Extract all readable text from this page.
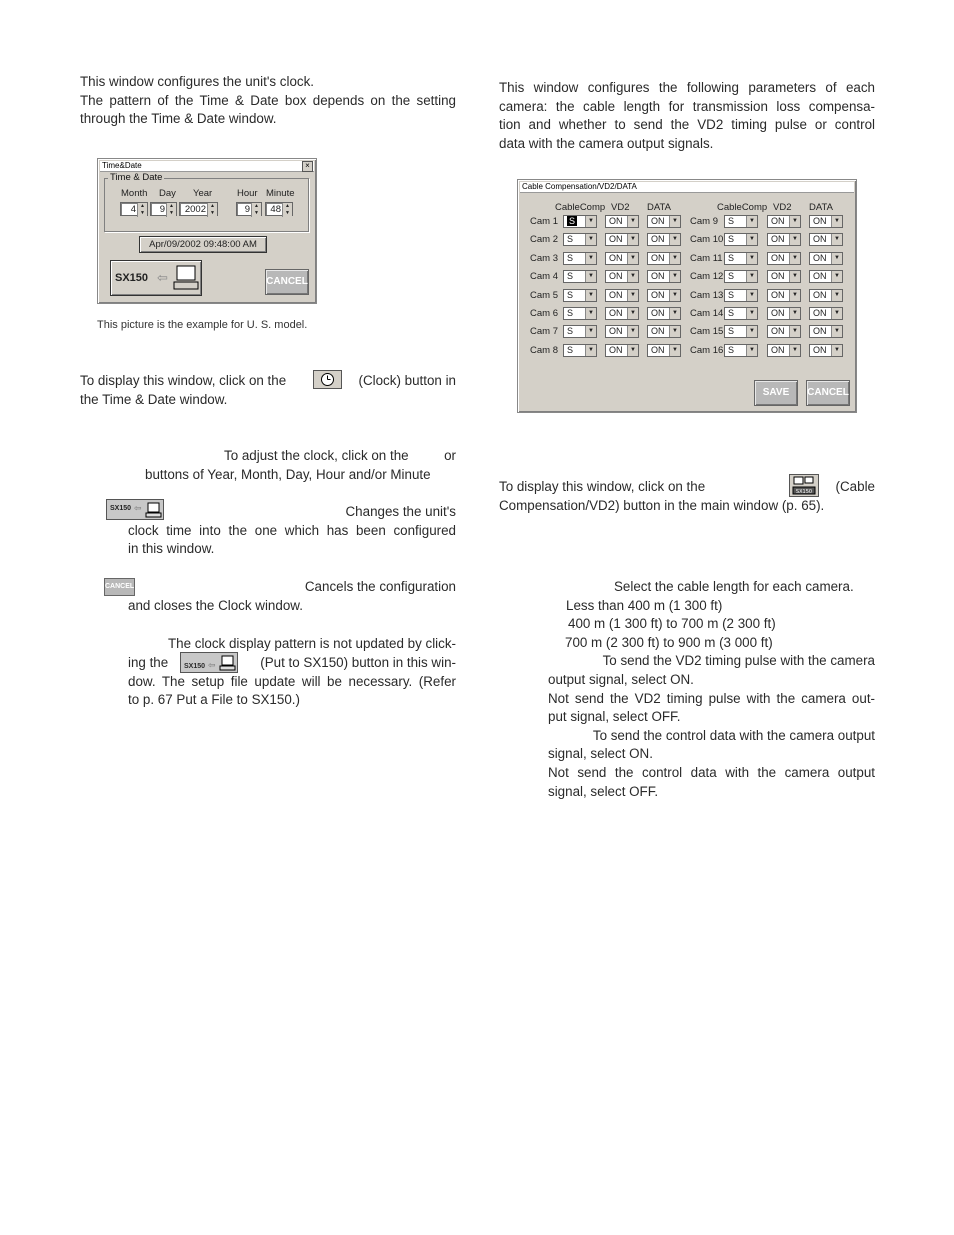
This window configures the unit's clock.
The pattern of the Time & Date box depends on the setting
through the Time & Date window.
Time&Date	×
Time & Date
Month Day Year	Hour Minute
4 ▲
▼	9 ▲
▼	2002 ▲
▼	9 ▲
▼	48 ▲
▼
Apr/09/2002 09:48:00 AM
SX150 ⇦	CANCEL
This picture is the example for U. S. model.
To display this window, click on the	(Clock) button in
the Time & Date window.
To adjust the clock, click on the	or
buttons of Year, Month, Day, Hour and/or Minute
SX150 ⇦	Changes the unit's
clock time into the one which has been configured
in this window.
CANCEL	Cancels the configuration
and closes the Clock window.
The clock display pattern is not updated by click-
ing the SX150 ⇦	(Put to SX150) button in this win-
dow. The setup file update will be necessary. (Refer
to p. 67 Put a File to SX150.)
This window configures the following parameters of each
camera: the cable length for transmission loss compensa-
tion and whether to send the VD2 timing pulse or control
data with the camera output signals.
Cable Compensation/VD2/DATA
CableComp VD2 DATA	CableComp VD2 DATA
Cam 1	S	▼	ON	▼	ON	▼
Cam 2	S	▼	ON	▼	ON	▼
Cam 3	S	▼	ON	▼	ON	▼
Cam 4	S	▼	ON	▼	ON	▼
Cam 5	S	▼	ON	▼	ON	▼
Cam 6	S	▼	ON	▼	ON	▼
Cam 7	S	▼	ON	▼	ON	▼
Cam 8	S	▼	ON	▼	ON	▼
Cam 9	S	▼	ON	▼	ON	▼
Cam 10 S	▼	ON	▼	ON	▼
Cam 11 S	▼	ON	▼	ON	▼
Cam 12 S	▼	ON	▼	ON	▼
Cam 13 S	▼	ON	▼	ON	▼
Cam 14 S	▼	ON	▼	ON	▼
Cam 15 S	▼	ON	▼	ON	▼
Cam 16 S	▼	ON	▼	ON	▼
SAVE	CANCEL
To display this window, click on the	SX150 (Cable
Compensation/VD2) button in the main window (p. 65).
Select the cable length for each camera.
Less than 400 m (1 300 ft)
400 m (1 300 ft) to 700 m (2 300 ft)
700 m (2 300 ft) to 900 m (3 000 ft)
To send the VD2 timing pulse with the camera
output signal, select ON.
Not send the VD2 timing pulse with the camera out-
put signal, select OFF.
To send the control data with the camera output
signal, select ON.
Not send the control data with the camera output
signal, select OFF.
